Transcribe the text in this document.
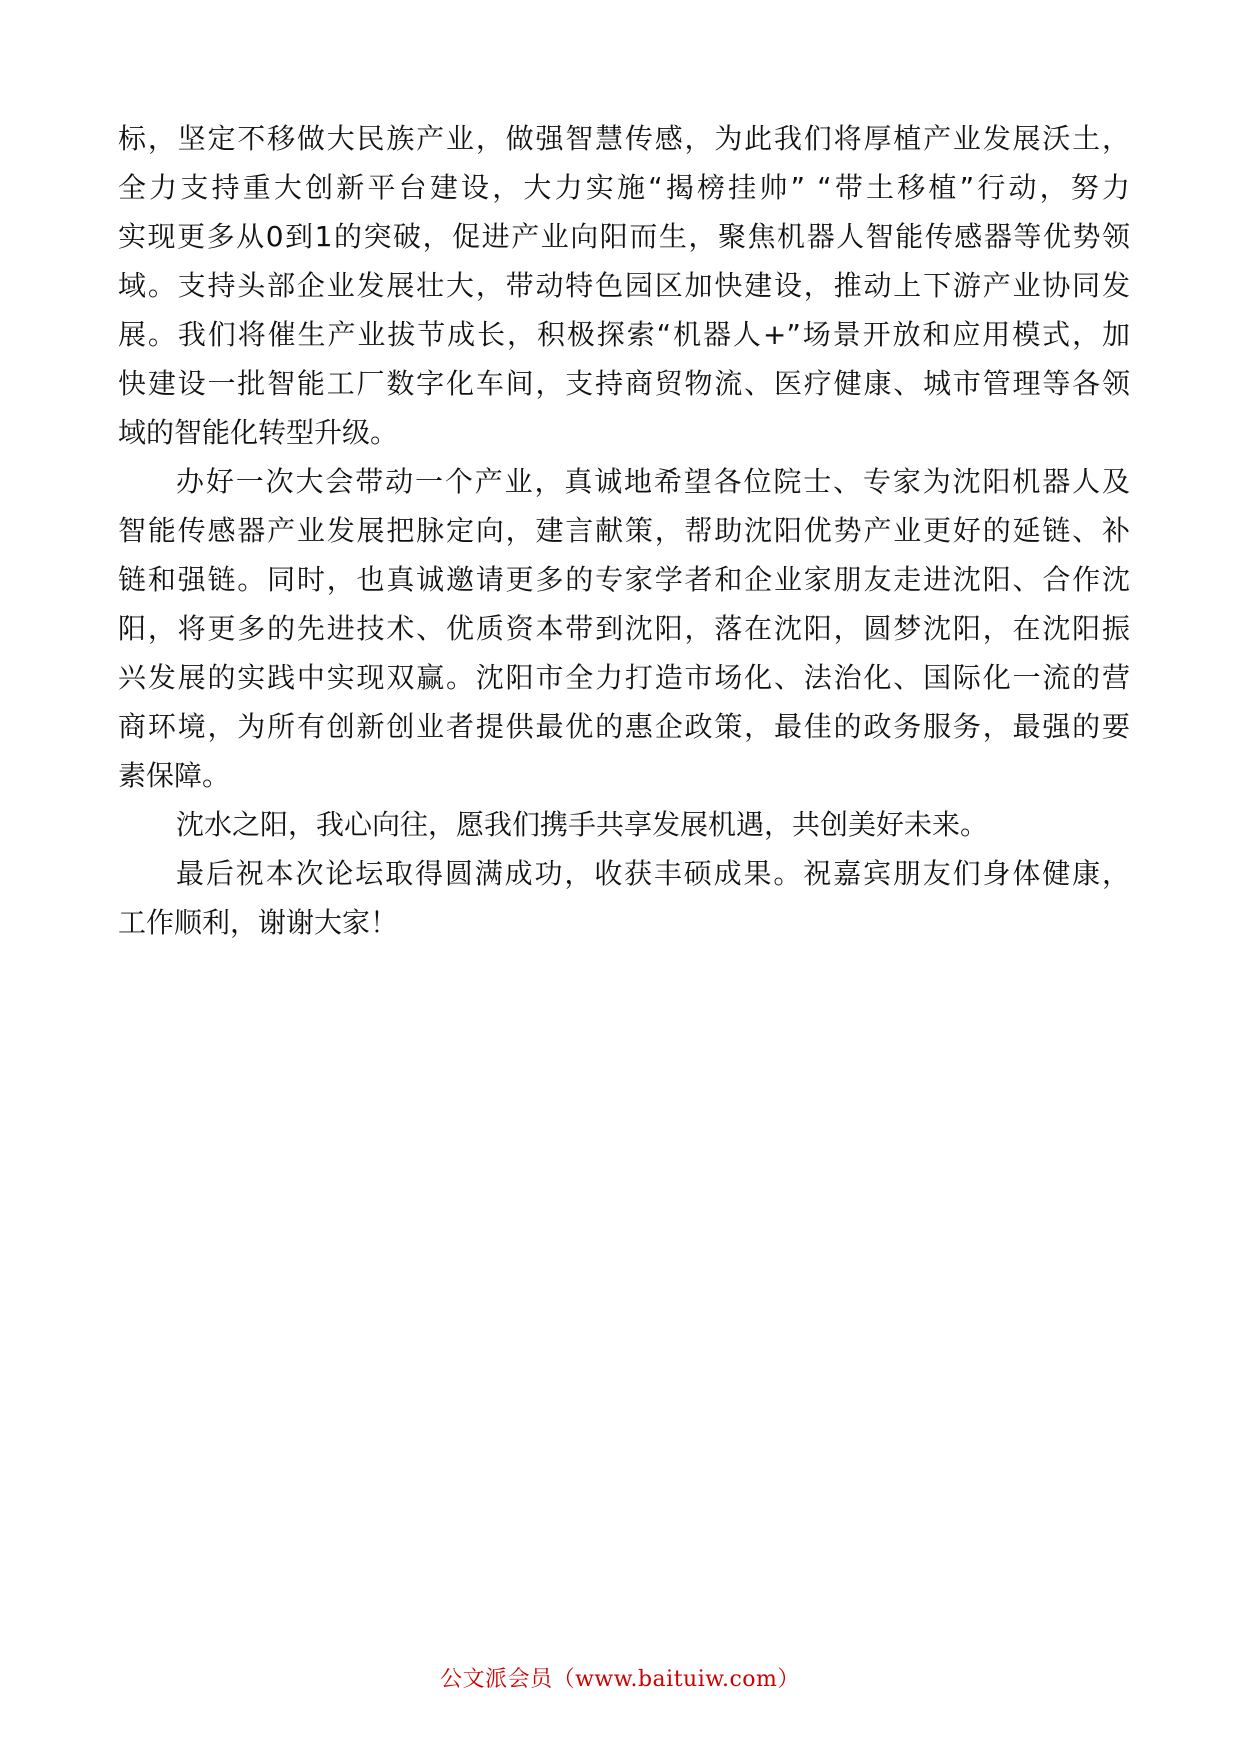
标，坚定不移做大民族产业，做强智慧传感，为此我们将厚植产业发展沃土，
全力支持重大创新平台建设，大力实施“揭榜挂帅” “带土移植”行动，努力
实现更多从0到1的突破，促进产业向阳而生，聚焦机器人智能传感器等优势领
域。支持头部企业发展壮大，带动特色园区加快建设，推动上下游产业协同发
展。我们将催生产业拔节成长，积极探索“机器人+”场景开放和应用模式，加
快建设一批智能工厂数字化车间，支持商贸物流、医疗健康、城市管理等各领
域的智能化转型升级。
办好一次大会带动一个产业，真诚地希望各位院士、专家为沈阳机器人及
智能传感器产业发展把脉定向，建言献策，帮助沈阳优势产业更好的延链、补
链和强链。同时，也真诚邀请更多的专家学者和企业家朋友走进沈阳、合作沈
阳，将更多的先进技术、优质资本带到沈阳，落在沈阳，圆梦沈阳，在沈阳振
兴发展的实践中实现双赢。沈阳市全力打造市场化、法治化、国际化一流的营
商环境，为所有创新创业者提供最优的惠企政策，最佳的政务服务，最强的要
素保障。
沈水之阳，我心向往，愿我们携手共享发展机遇，共创美好未来。
最后祝本次论坛取得圆满成功，收获丰硕成果。祝嘉宾朋友们身体健康，
工作顺利，谢谢大家！
公文派会员（www.baituiw.com）
